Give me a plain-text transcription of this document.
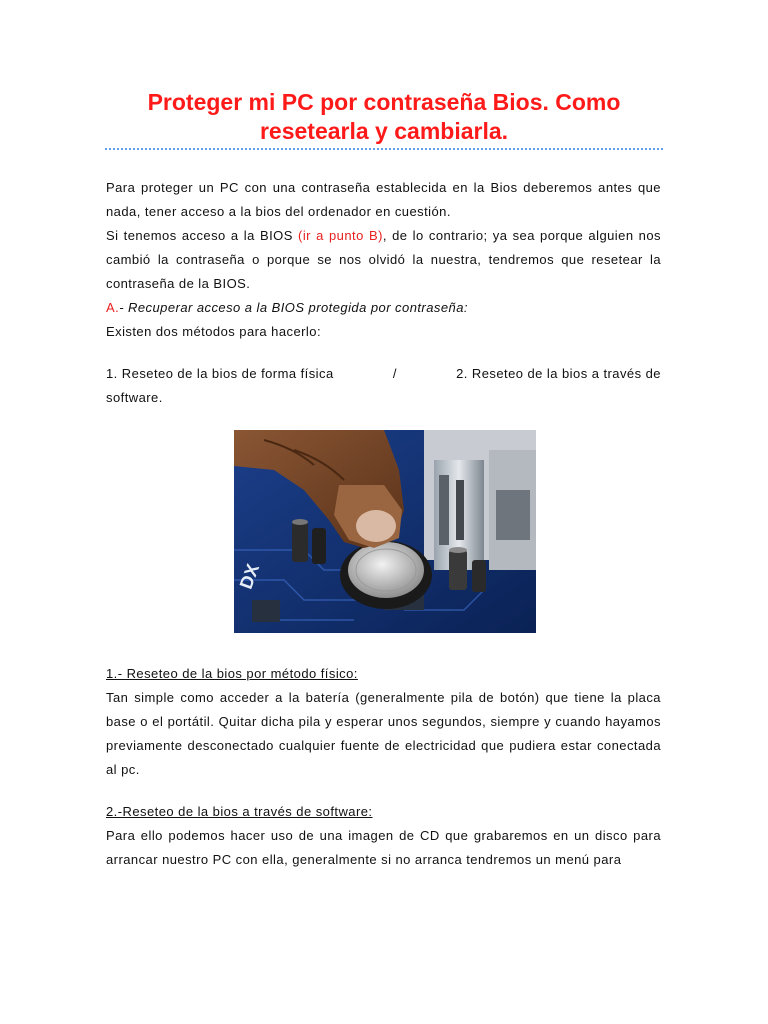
Proteger mi PC por contraseña Bios. Como
resetearla y cambiarla.

Para proteger un PC con una contraseña establecida en la Bios deberemos antes que nada, tener acceso a la bios del ordenador en cuestión.

Si tenemos acceso a la BIOS (ir a punto B), de lo contrario; ya sea porque alguien nos cambió la contraseña o porque se nos olvidó la nuestra, tendremos que resetear la contraseña de la BIOS.

A.- Recuperar acceso a la BIOS protegida por contraseña:

Existen dos métodos para hacerlo:

1. Reseteo de la bios de forma física	/	2. Reseteo de la bios a través de
software.
DX

1.- Reseteo de la bios por método físico:

Tan simple como acceder a la batería (generalmente pila de botón) que tiene la placa base o el portátil. Quitar dicha pila y esperar unos segundos, siempre y cuando hayamos previamente desconectado cualquier fuente de electricidad que pudiera estar conectada al pc.

2.-Reseteo de la bios a través de software:

Para ello podemos hacer uso de una imagen de CD que grabaremos en un disco para arrancar nuestro PC con ella, generalmente si no arranca tendremos un menú para
